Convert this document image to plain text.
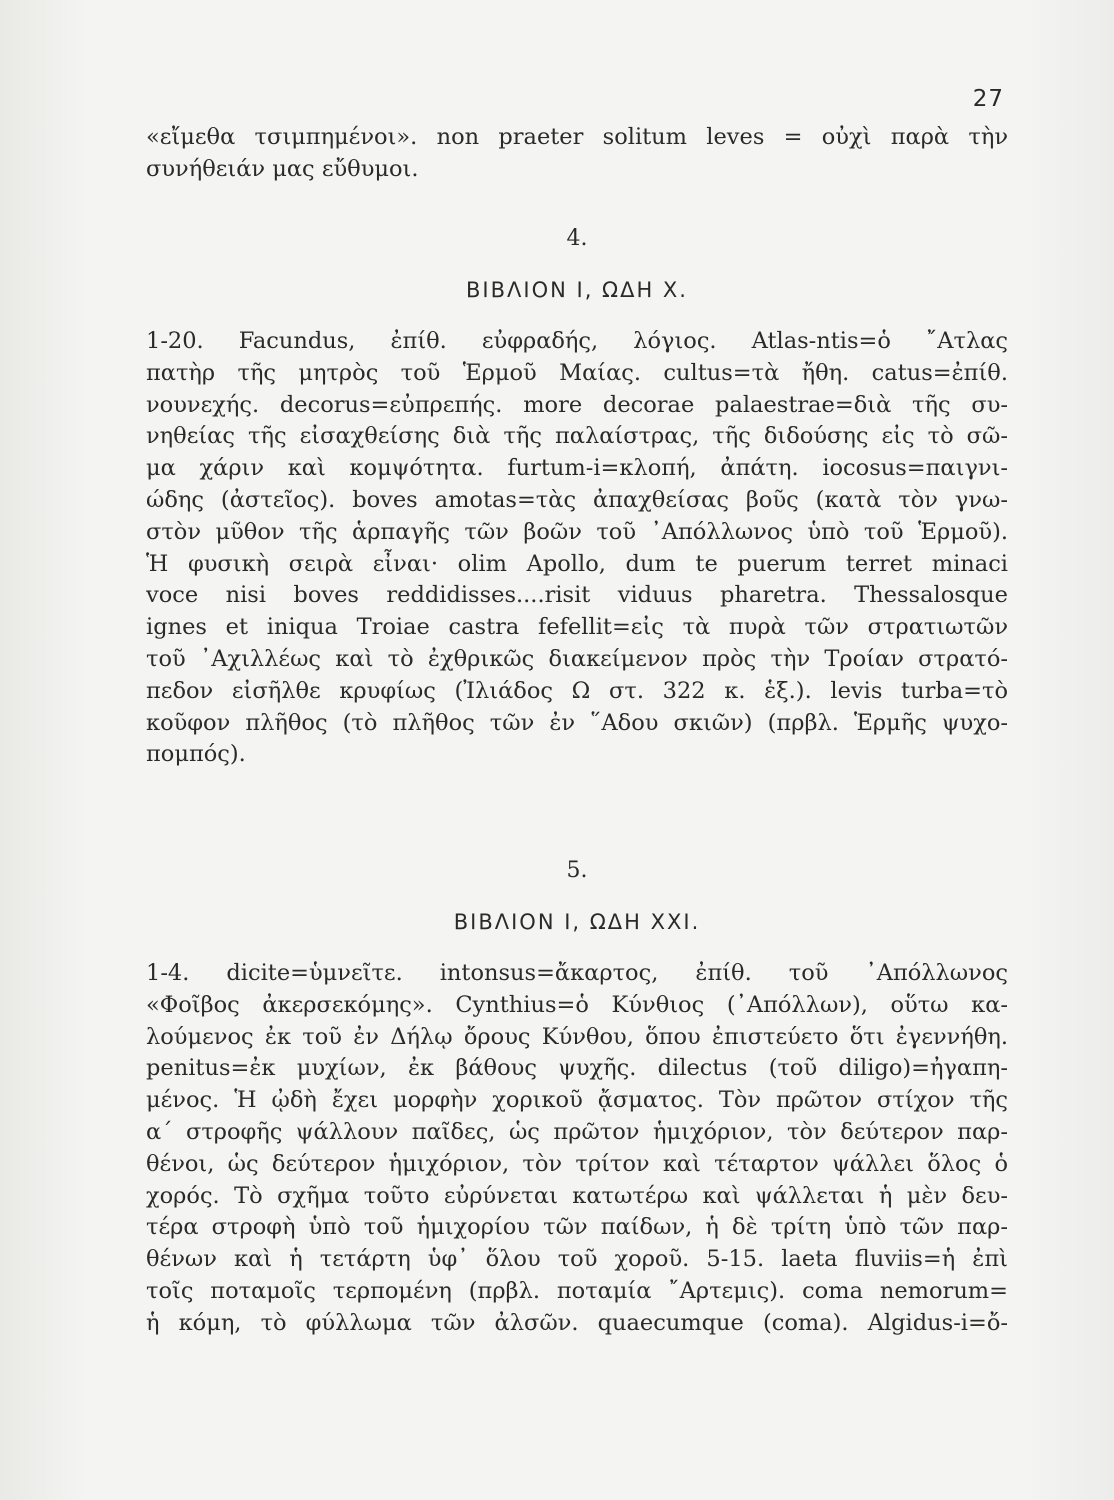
27
«εἴμεθα τσιμπημένοι». non praeter solitum leves = οὐχὶ παρὰ τὴν
συνήθειάν μας εὔθυμοι.
4.
ΒΙΒΛΙΟΝ Ι, ΩΔΗ X.
1-20. Facundus, ἐπίθ. εὐφραδής, λόγιος. Atlas-ntis=ὁ ῎Ατλας
πατὴρ τῆς μητρὸς τοῦ Ἑρμοῦ Μαίας. cultus=τὰ ἤθη. catus=ἐπίθ.
νουνεχής. decorus=εὐπρεπής. more decorae palaestrae=διὰ τῆς συ-
νηθείας τῆς εἰσαχθείσης διὰ τῆς παλαίστρας, τῆς διδούσης εἰς τὸ σῶ-
μα χάριν καὶ κομψότητα. furtum-i=κλοπή, ἀπάτη. iocosus=παιγνι-
ώδης (ἀστεῖος). boves amotas=τὰς ἀπαχθείσας βοῦς (κατὰ τὸν γνω-
στὸν μῦθον τῆς ἁρπαγῆς τῶν βοῶν τοῦ ᾿Απόλλωνος ὑπὸ τοῦ Ἑρμοῦ).
Ἡ φυσικὴ σειρὰ εἶναι· olim Apollo, dum te puerum terret minaci
voce nisi boves reddidisses....risit viduus pharetra. Thessalosque
ignes et iniqua Troiae castra fefellit=εἰς τὰ πυρὰ τῶν στρατιωτῶν
τοῦ ᾿Αχιλλέως καὶ τὸ ἐχθρικῶς διακείμενον πρὸς τὴν Τροίαν στρατό-
πεδον εἰσῆλθε κρυφίως (Ἰλιάδος Ω στ. 322 κ. ἑξ.). levis turba=τὸ
κοῦφον πλῆθος (τὸ πλῆθος τῶν ἐν ῞Αδου σκιῶν) (πρβλ. Ἑρμῆς ψυχο-
πομπός).
5.
ΒΙΒΛΙΟΝ Ι, ΩΔΗ XXI.
1-4. dicite=ὑμνεῖτε. intonsus=ἄκαρτος, ἐπίθ. τοῦ ᾿Απόλλωνος
«Φοῖβος ἀκερσεκόμης». Cynthius=ὁ Κύνθιος (᾿Απόλλων), οὕτω κα-
λούμενος ἐκ τοῦ ἐν Δήλῳ ὄρους Κύνθου, ὅπου ἐπιστεύετο ὅτι ἐγεννήθη.
penitus=ἐκ μυχίων, ἐκ βάθους ψυχῆς. dilectus (τοῦ diligo)=ἠγαπη-
μένος. Ἡ ᾠδὴ ἔχει μορφὴν χορικοῦ ᾄσματος. Τὸν πρῶτον στίχον τῆς
α΄ στροφῆς ψάλλουν παῖδες, ὡς πρῶτον ἡμιχόριον, τὸν δεύτερον παρ-
θένοι, ὡς δεύτερον ἡμιχόριον, τὸν τρίτον καὶ τέταρτον ψάλλει ὅλος ὁ
χορός. Τὸ σχῆμα τοῦτο εὐρύνεται κατωτέρω καὶ ψάλλεται ἡ μὲν δευ-
τέρα στροφὴ ὑπὸ τοῦ ἡμιχορίου τῶν παίδων, ἡ δὲ τρίτη ὑπὸ τῶν παρ-
θένων καὶ ἡ τετάρτη ὑφ᾿ ὅλου τοῦ χοροῦ. 5-15. laeta fluviis=ἡ ἐπὶ
τοῖς ποταμοῖς τερπομένη (πρβλ. ποταμία ῎Αρτεμις). coma nemorum=
ἡ κόμη, τὸ φύλλωμα τῶν ἀλσῶν. quaecumque (coma). Algidus-i=ὄ-
